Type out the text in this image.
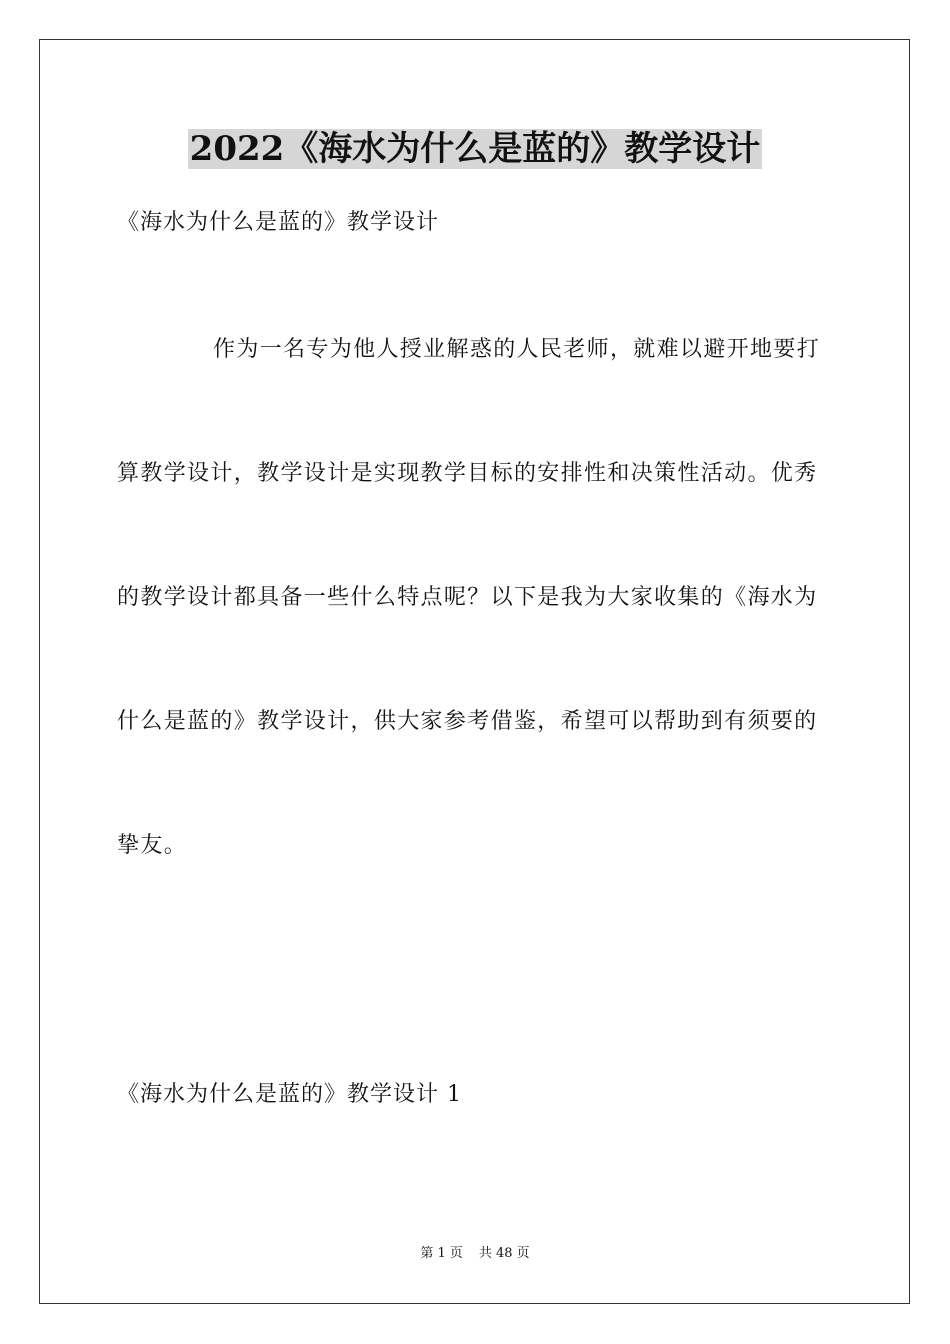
2022《海水为什么是蓝的》教学设计
《海水为什么是蓝的》教学设计
作为一名专为他人授业解惑的人民老师，就难以避开地要打
算教学设计，教学设计是实现教学目标的安排性和决策性活动。优秀
的教学设计都具备一些什么特点呢？以下是我为大家收集的《海水为
什么是蓝的》教学设计，供大家参考借鉴，希望可以帮助到有须要的
挚友。
《海水为什么是蓝的》教学设计 1
第 1 页 共 48 页
